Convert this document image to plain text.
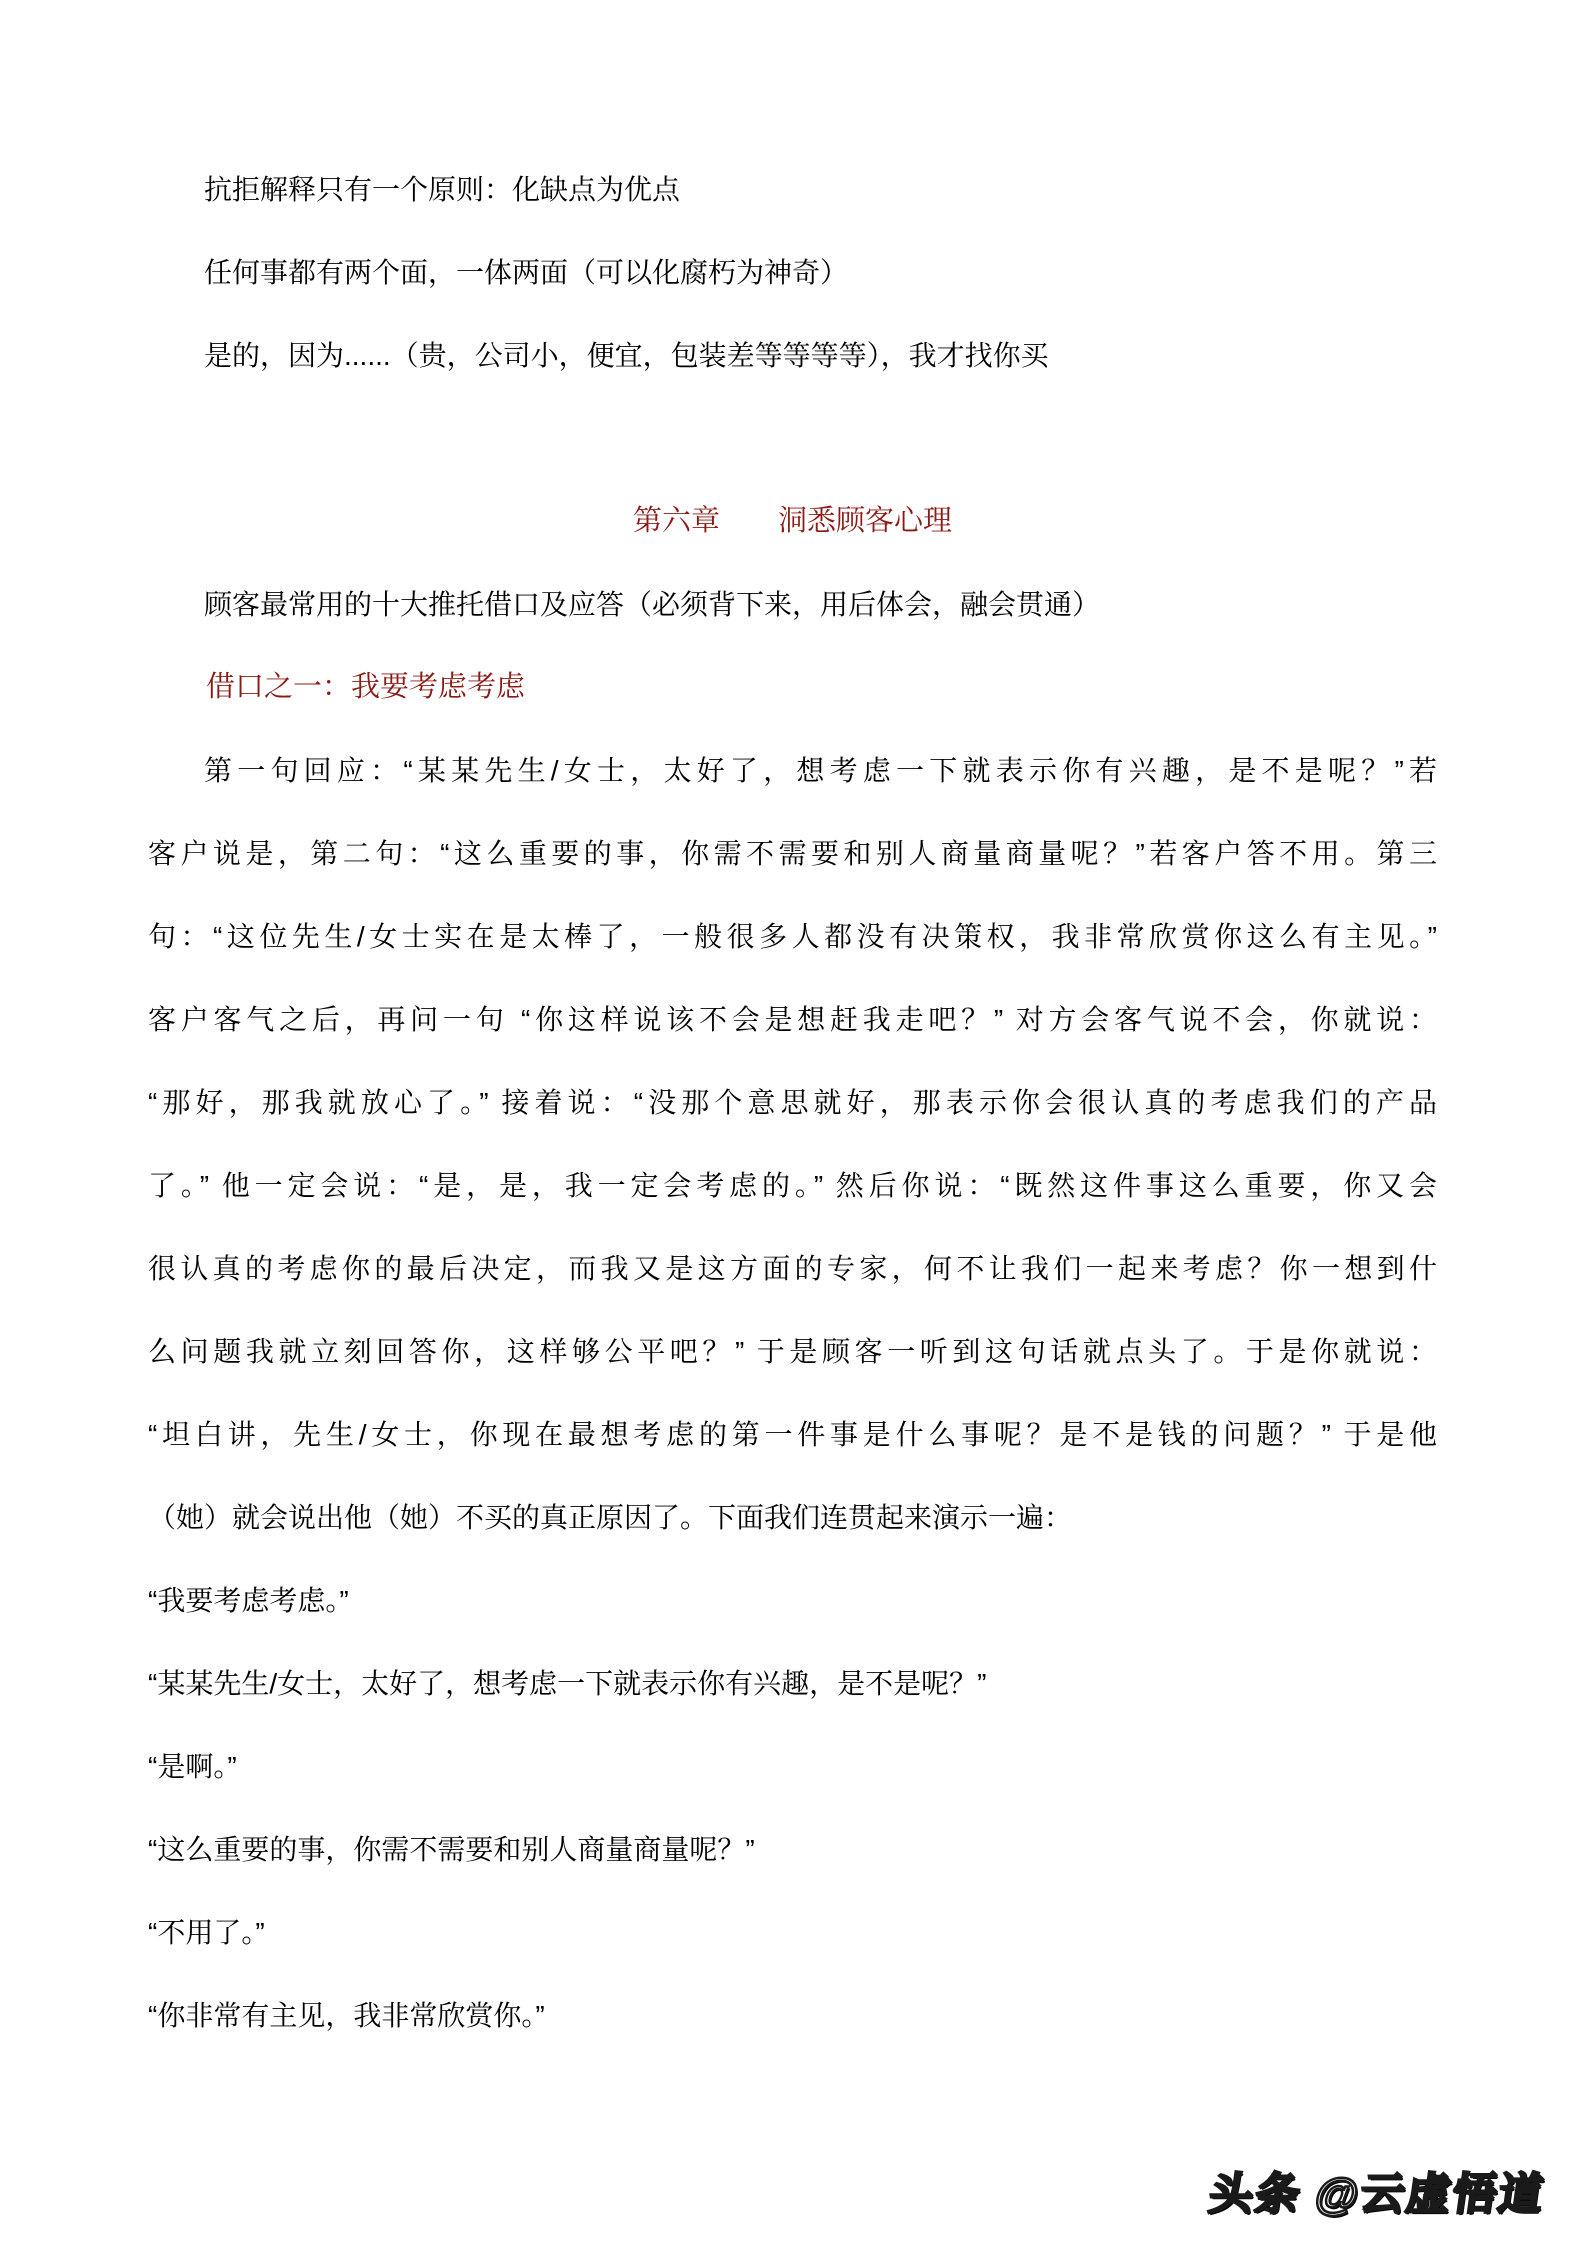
抗拒解释只有一个原则：化缺点为优点
任何事都有两个面，一体两面（可以化腐朽为神奇）
是的，因为......（贵，公司小，便宜，包装差等等等等），我才找你买
第六章　　洞悉顾客心理
顾客最常用的十大推托借口及应答（必须背下来，用后体会，融会贯通）
借口之一：我要考虑考虑
第一句回应：“某某先生/女士，太好了，想考虑一下就表示你有兴趣，是不是呢？”若
客户说是，第二句：“这么重要的事，你需不需要和别人商量商量呢？”若客户答不用。第三
句：“这位先生/女士实在是太棒了，一般很多人都没有决策权，我非常欣赏你这么有主见。”
客户客气之后，再问一句 “你这样说该不会是想赶我走吧？” 对方会客气说不会，你就说：
“那好，那我就放心了。” 接着说：“没那个意思就好，那表示你会很认真的考虑我们的产品
了。” 他一定会说：“是，是，我一定会考虑的。” 然后你说：“既然这件事这么重要，你又会
很认真的考虑你的最后决定，而我又是这方面的专家，何不让我们一起来考虑？你一想到什
么问题我就立刻回答你，这样够公平吧？” 于是顾客一听到这句话就点头了。于是你就说：
“坦白讲，先生/女士，你现在最想考虑的第一件事是什么事呢？是不是钱的问题？” 于是他
（她）就会说出他（她）不买的真正原因了。下面我们连贯起来演示一遍：
“我要考虑考虑。”
“某某先生/女士，太好了，想考虑一下就表示你有兴趣，是不是呢？”
“是啊。”
“这么重要的事，你需不需要和别人商量商量呢？”
“不用了。”
“你非常有主见，我非常欣赏你。”
头条 @云虚悟道
